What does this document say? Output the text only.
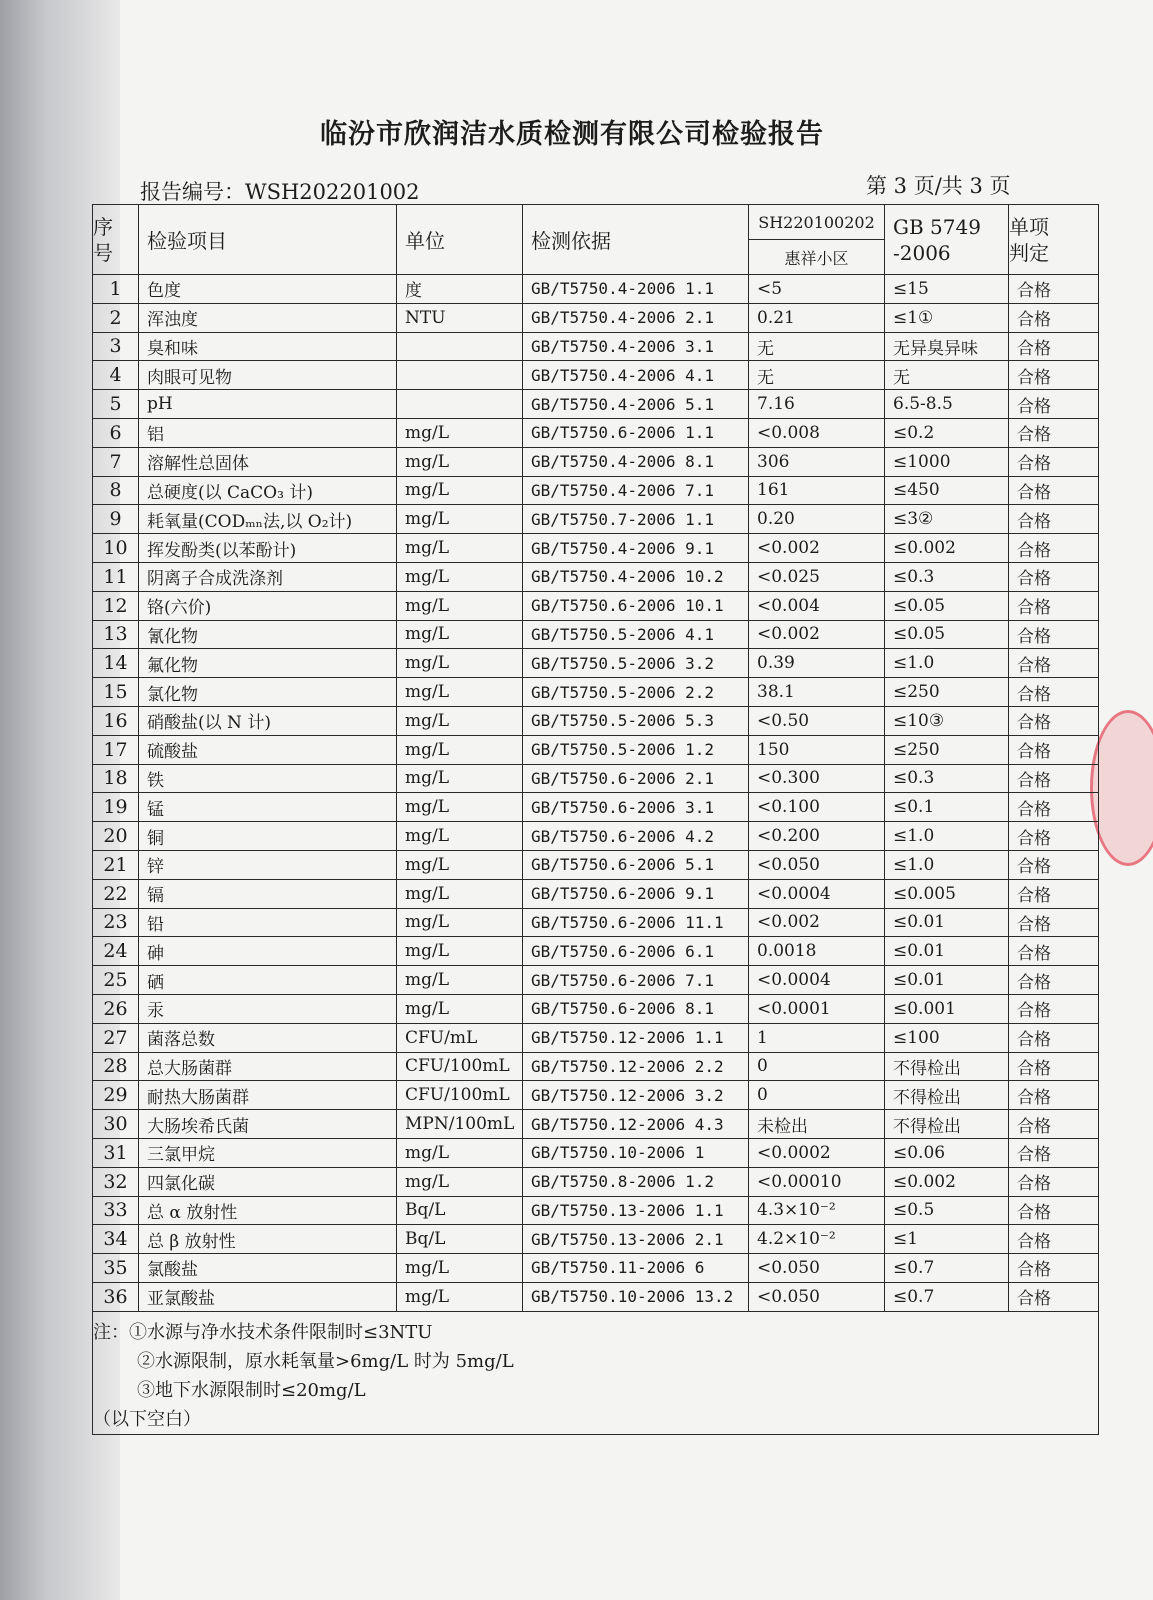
临汾市欣润洁水质检测有限公司检验报告
报告编号：WSH202201002	第 3 页/共 3 页
序
号	检验项目	单位	检测依据	SH220100202	GB 5749
-2006	单项
判定
				惠祥小区		
1	色度	度	GB/T5750.4-2006 1.1	<5	≤15	合格
2	浑浊度	NTU	GB/T5750.4-2006 2.1	0.21	≤1①	合格
3	臭和味		GB/T5750.4-2006 3.1	无	无异臭异味	合格
4	肉眼可见物		GB/T5750.4-2006 4.1	无	无	合格
5	pH		GB/T5750.4-2006 5.1	7.16	6.5-8.5	合格
6	铝	mg/L	GB/T5750.6-2006 1.1	<0.008	≤0.2	合格
7	溶解性总固体	mg/L	GB/T5750.4-2006 8.1	306	≤1000	合格
8	总硬度(以 CaCO₃ 计)	mg/L	GB/T5750.4-2006 7.1	161	≤450	合格
9	耗氧量(CODₘₙ法,以 O₂计)	mg/L	GB/T5750.7-2006 1.1	0.20	≤3②	合格
10	挥发酚类(以苯酚计)	mg/L	GB/T5750.4-2006 9.1	<0.002	≤0.002	合格
11	阴离子合成洗涤剂	mg/L	GB/T5750.4-2006 10.2	<0.025	≤0.3	合格
12	铬(六价)	mg/L	GB/T5750.6-2006 10.1	<0.004	≤0.05	合格
13	氰化物	mg/L	GB/T5750.5-2006 4.1	<0.002	≤0.05	合格
14	氟化物	mg/L	GB/T5750.5-2006 3.2	0.39	≤1.0	合格
15	氯化物	mg/L	GB/T5750.5-2006 2.2	38.1	≤250	合格
16	硝酸盐(以 N 计)	mg/L	GB/T5750.5-2006 5.3	<0.50	≤10③	合格
17	硫酸盐	mg/L	GB/T5750.5-2006 1.2	150	≤250	合格
18	铁	mg/L	GB/T5750.6-2006 2.1	<0.300	≤0.3	合格
19	锰	mg/L	GB/T5750.6-2006 3.1	<0.100	≤0.1	合格
20	铜	mg/L	GB/T5750.6-2006 4.2	<0.200	≤1.0	合格
21	锌	mg/L	GB/T5750.6-2006 5.1	<0.050	≤1.0	合格
22	镉	mg/L	GB/T5750.6-2006 9.1	<0.0004	≤0.005	合格
23	铅	mg/L	GB/T5750.6-2006 11.1	<0.002	≤0.01	合格
24	砷	mg/L	GB/T5750.6-2006 6.1	0.0018	≤0.01	合格
25	硒	mg/L	GB/T5750.6-2006 7.1	<0.0004	≤0.01	合格
26	汞	mg/L	GB/T5750.6-2006 8.1	<0.0001	≤0.001	合格
27	菌落总数	CFU/mL	GB/T5750.12-2006 1.1	1	≤100	合格
28	总大肠菌群	CFU/100mL	GB/T5750.12-2006 2.2	0	不得检出	合格
29	耐热大肠菌群	CFU/100mL	GB/T5750.12-2006 3.2	0	不得检出	合格
30	大肠埃希氏菌	MPN/100mL	GB/T5750.12-2006 4.3	未检出	不得检出	合格
31	三氯甲烷	mg/L	GB/T5750.10-2006 1	<0.0002	≤0.06	合格
32	四氯化碳	mg/L	GB/T5750.8-2006 1.2	<0.00010	≤0.002	合格
33	总 α 放射性	Bq/L	GB/T5750.13-2006 1.1	4.3×10⁻²	≤0.5	合格
34	总 β 放射性	Bq/L	GB/T5750.13-2006 2.1	4.2×10⁻²	≤1	合格
35	氯酸盐	mg/L	GB/T5750.11-2006 6	<0.050	≤0.7	合格
36	亚氯酸盐	mg/L	GB/T5750.10-2006 13.2	<0.050	≤0.7	合格

注：①水源与净水技术条件限制时≤3NTU
②水源限制，原水耗氧量>6mg/L 时为 5mg/L
③地下水源限制时≤20mg/L
（以下空白）						
